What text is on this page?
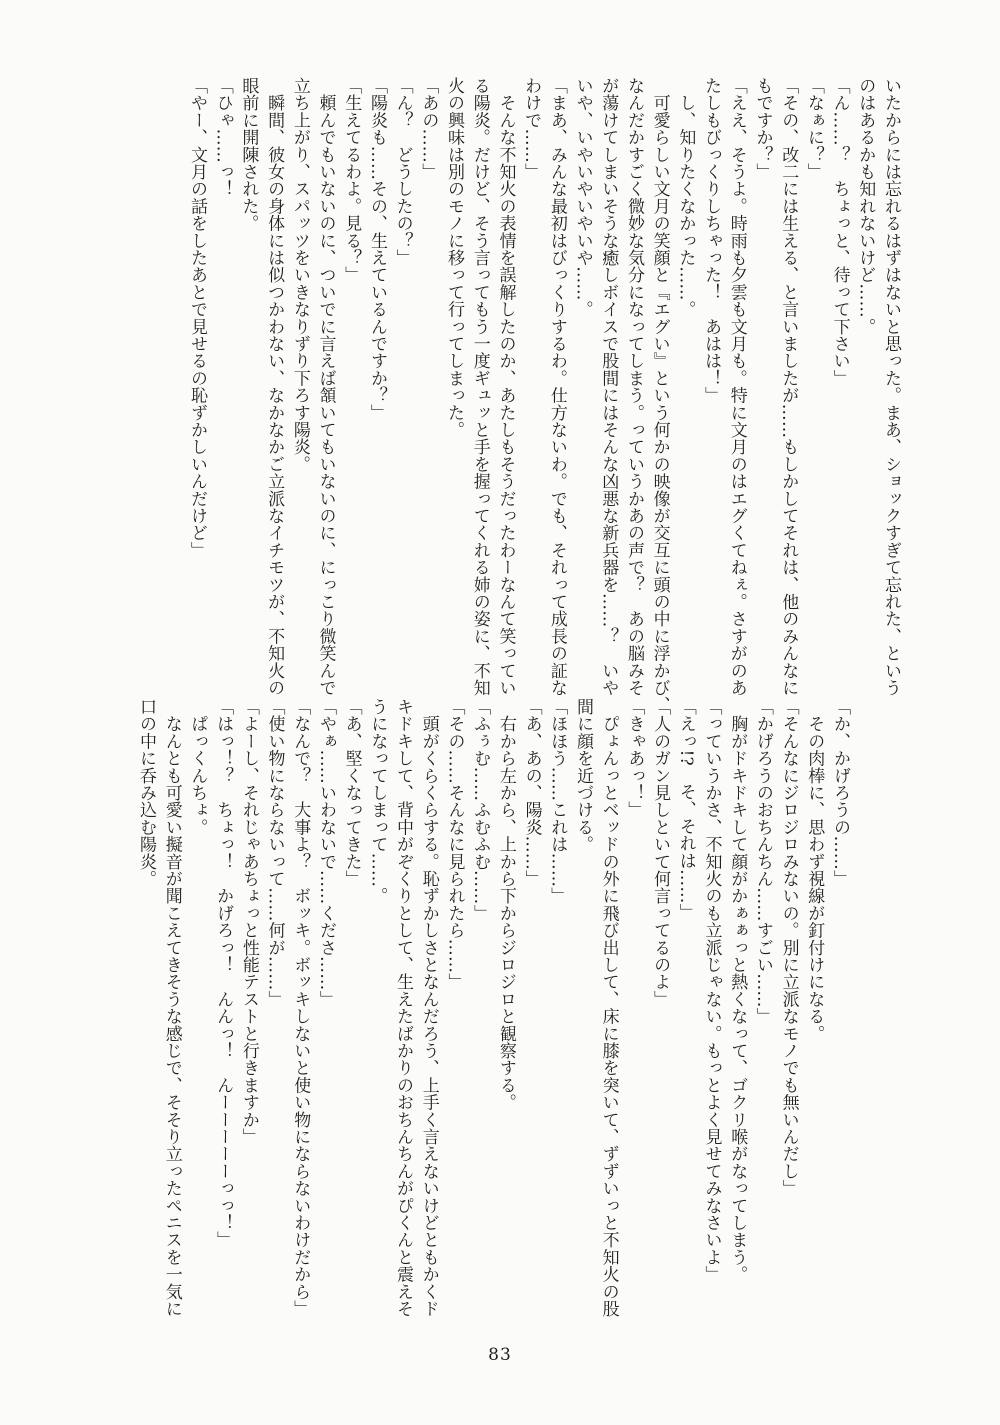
いたからには忘れるはずはないと思った。まあ、ショックすぎて忘れた、という
のはあるかも知れないけど……。
「ん……？　ちょっと、待って下さい」
「なぁに？」
「その、改二には生える、と言いましたが……もしかしてそれは、他のみんなに
もですか？」
「ええ、そうよ。時雨も夕雲も文月も。特に文月のはエグくてねぇ。さすがのあ
たしもびっくりしちゃった！　あはは！」
　し、知りたくなかった……。
　可愛らしい文月の笑顔と『エグい』という何かの映像が交互に頭の中に浮かび、
なんだかすごく微妙な気分になってしまう。っていうかあの声で？　あの脳みそ
が蕩けてしまいそうな癒しボイスで股間にはそんな凶悪な新兵器を……？　いや
いや、いやいやいやいや……。
「まあ、みんな最初はびっくりするわ。仕方ないわ。でも、それって成長の証な
わけで……」
　そんな不知火の表情を誤解したのか、あたしもそうだったわーなんて笑ってい
る陽炎。だけど、そう言ってもう一度ギュッと手を握ってくれる姉の姿に、不知
火の興味は別のモノに移って行ってしまった。
「あの……」
「ん？　どうしたの？」
「陽炎も……その、生えているんですか？」
「生えてるわよ。見る？」
　頼んでもいないのに、ついでに言えば頷いてもいないのに、にっこり微笑んで
立ち上がり、スパッツをいきなりずり下ろす陽炎。
　瞬間、彼女の身体には似つかわない、なかなかご立派なイチモツが、不知火の
眼前に開陳された。
「ひゃ……っ！
「やー、文月の話をしたあとで見せるの恥ずかしいんだけど」
「か、かげろうの……」
　その肉棒に、思わず視線が釘付けになる。
「そんなにジロジロみないの。別に立派なモノでも無いんだし」
「かげろうのおちんちん……すごい……」
　胸がドキドキして顔がかぁぁっと熱くなって、ゴクリ喉がなってしまう。
「っていうかさ、不知火のも立派じゃない。もっとよく見せてみなさいよ」
「えっ!?　そ、それは……」
「人のガン見しといて何言ってるのよ」
「きゃあっ！」
　ぴょんっとベッドの外に飛び出して、床に膝を突いて、ずずいっと不知火の股
間に顔を近づける。
「ほほう……これは……」
「あ、あの、陽炎……」
　右から左から、上から下からジロジロと観察する。
「ふぅむ……ふむふむ……」
「その……そんなに見られたら……」
　頭がくらくらする。恥ずかしさとなんだろう、上手く言えないけどともかくド
キドキして、背中がぞくりとして、生えたばかりのおちんちんがぴくんと震えそ
うになってしまって……。
「あ、堅くなってきた」
「やぁ……いわないで……くださ……」
「なんで？　大事よ？　ボッキ。ボッキしないと使い物にならないわけだから」
「使い物にならないって……何が……」
「よーし、それじゃあちょっと性能テストと行きますか」
「はっ！？　ちょっ！　かげろっ！　んんっ！　んーーーーーっっ！」
　ぱっくんちょ。
　なんとも可愛い擬音が聞こえてきそうな感じで、そそり立ったペニスを一気に
口の中に呑み込む陽炎。
83
